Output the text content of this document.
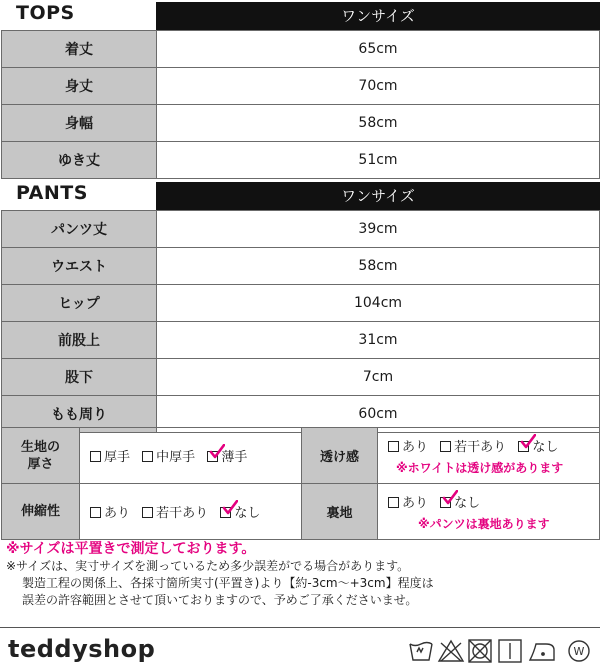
TOPS	ワンサイズ
着丈	65cm
身丈	70cm
身幅	58cm
ゆき丈	51cm
PANTS	ワンサイズ
パンツ丈	39cm
ウエスト	58cm
ヒップ	104cm
前股上	31cm
股下	7cm
もも周り	60cm
生地の
厚さ	厚手 中厚手 薄手	透け感	あり 若干あり なし
※ホワイトは透け感があります

伸縮性	あり 若干あり なし	裏地	あり なし
※パンツは裏地あります
※サイズは平置きで測定しております。
※サイズは、実寸サイズを測っているため多少誤差がでる場合があります。
製造工程の関係上、各採寸箇所実寸(平置き)より【約-3cm〜+3cm】程度は
誤差の許容範囲とさせて頂いておりますので、予めご了承くださいませ。
teddyshop	W
